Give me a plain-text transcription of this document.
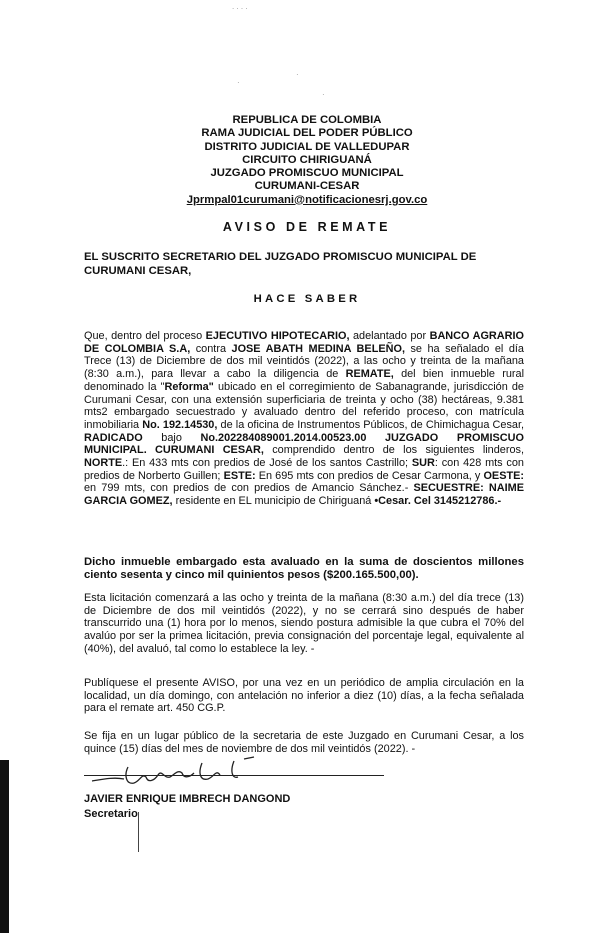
. . . .
·
·
·
REPUBLICA DE COLOMBIA
RAMA JUDICIAL DEL PODER PÚBLICO
DISTRITO JUDICIAL DE VALLEDUPAR
CIRCUITO CHIRIGUANÁ
JUZGADO PROMISCUO MUNICIPAL
CURUMANI-CESAR
Jprmpal01curumani@notificacionesrj.gov.co
AVISO DE REMATE
EL SUSCRITO SECRETARIO DEL JUZGADO PROMISCUO MUNICIPAL DE CURUMANI CESAR,
HACE SABER
Que, dentro del proceso EJECUTIVO HIPOTECARIO, adelantado por BANCO AGRARIO DE COLOMBIA S.A, contra JOSE ABATH MEDINA BELEÑO, se ha señalado el día Trece (13) de Diciembre de dos mil veintidós (2022), a las ocho y treinta de la mañana (8:30 a.m.), para llevar a cabo la diligencia de REMATE, del bien inmueble rural denominado la "Reforma" ubicado en el corregimiento de Sabanagrande, jurisdicción de Curumani Cesar, con una extensión superficiaria de treinta y ocho (38) hectáreas, 9.381 mts2 embargado secuestrado y avaluado dentro del referido proceso, con matrícula inmobiliaria No. 192.14530, de la oficina de Instrumentos Públicos, de Chimichagua Cesar, RADICADO bajo No.202284089001.2014.00523.00 JUZGADO PROMISCUO MUNICIPAL. CURUMANI CESAR, comprendido dentro de los siguientes linderos, NORTE.: En 433 mts con predios de José de los santos Castrillo; SUR: con 428 mts con predios de Norberto Guillen; ESTE: En 695 mts con predios de Cesar Carmona, y OESTE: en 799 mts, con predios de con predios de Amancio Sánchez.- SECUESTRE: NAIME GARCIA GOMEZ, residente en EL municipio de Chiriguaná •Cesar. Cel 3145212786.-
Dicho inmueble embargado esta avaluado en la suma de doscientos millones ciento sesenta y cinco mil quinientos pesos ($200.165.500,00).
Esta licitación comenzará a las ocho y treinta de la mañana (8:30 a.m.) del día trece (13) de Diciembre de dos mil veintidós (2022), y no se cerrará sino después de haber transcurrido una (1) hora por lo menos, siendo postura admisible la que cubra el 70% del avalúo por ser la primea licitación, previa consignación del porcentaje legal, equivalente al (40%), del avaluó, tal como lo establece la ley. -
Publíquese el presente AVISO, por una vez en un periódico de amplia circulación en la localidad, un día domingo, con antelación no inferior a diez (10) días, a la fecha señalada para el remate art. 450 CG.P.
Se fija en un lugar público de la secretaria de este Juzgado en Curumani Cesar, a los quince (15) días del mes de noviembre de dos mil veintidós (2022). -
JAVIER ENRIQUE IMBRECH DANGOND
Secretario
